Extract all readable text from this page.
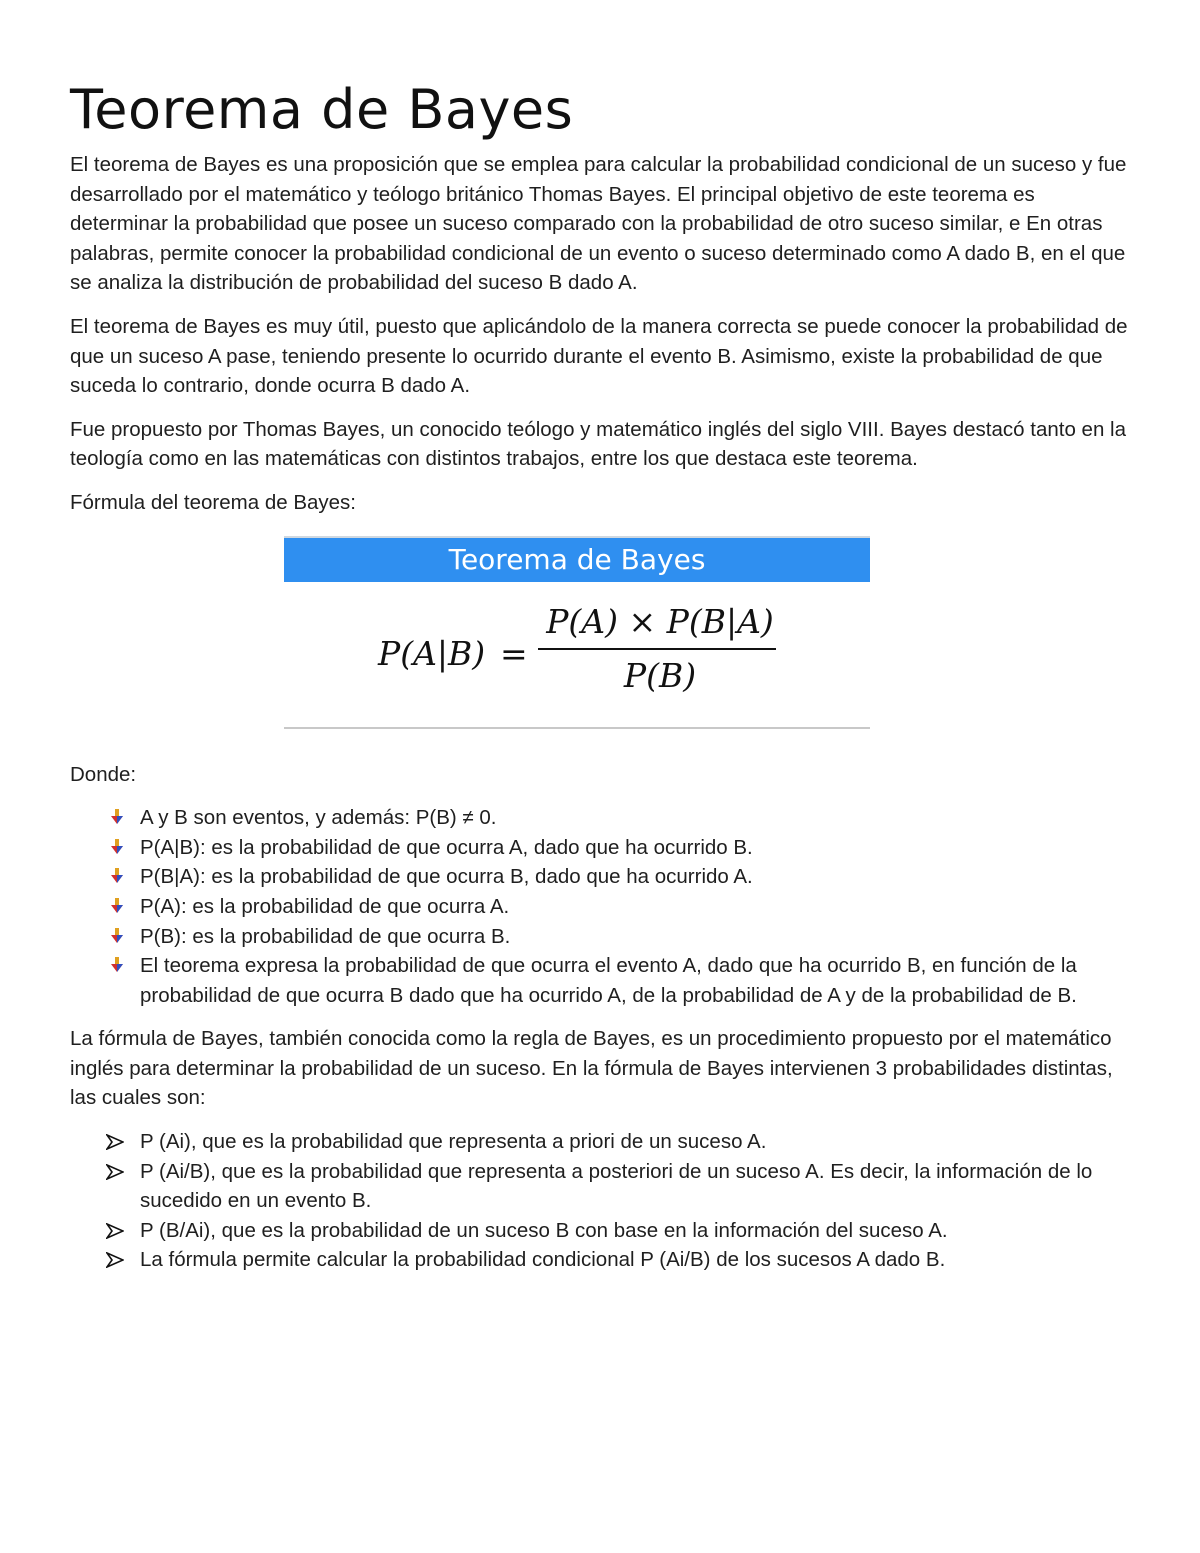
Teorema de Bayes

El teorema de Bayes es una proposición que se emplea para calcular la probabilidad condicional de un suceso y fue desarrollado por el matemático y teólogo británico Thomas Bayes. El principal objetivo de este teorema es determinar la probabilidad que posee un suceso comparado con la probabilidad de otro suceso similar, e En otras palabras, permite conocer la probabilidad condicional de un evento o suceso determinado como A dado B, en el que se analiza la distribución de probabilidad del suceso B dado A.

El teorema de Bayes es muy útil, puesto que aplicándolo de la manera correcta se puede conocer la probabilidad de que un suceso A pase, teniendo presente lo ocurrido durante el evento B. Asimismo, existe la probabilidad de que suceda lo contrario, donde ocurra B dado A.

Fue propuesto por Thomas Bayes, un conocido teólogo y matemático inglés del siglo VIII. Bayes destacó tanto en la teología como en las matemáticas con distintos trabajos, entre los que destaca este teorema.

Fórmula del teorema de Bayes:

Teorema de Bayes
P(A|B) =
P(A) × P(B|A)
P(B)

Donde:

A y B son eventos, y además: P(B) ≠ 0.
P(A|B): es la probabilidad de que ocurra A, dado que ha ocurrido B.
P(B|A): es la probabilidad de que ocurra B, dado que ha ocurrido A.
P(A): es la probabilidad de que ocurra A.
P(B): es la probabilidad de que ocurra B.
El teorema expresa la probabilidad de que ocurra el evento A, dado que ha ocurrido B, en función de la probabilidad de que ocurra B dado que ha ocurrido A, de la probabilidad de A y de la probabilidad de B.

La fórmula de Bayes, también conocida como la regla de Bayes, es un procedimiento propuesto por el matemático inglés para determinar la probabilidad de un suceso. En la fórmula de Bayes intervienen 3 probabilidades distintas, las cuales son:

P (Ai), que es la probabilidad que representa a priori de un suceso A.
P (Ai/B), que es la probabilidad que representa a posteriori de un suceso A. Es decir, la información de lo sucedido en un evento B.
P (B/Ai), que es la probabilidad de un suceso B con base en la información del suceso A.
La fórmula permite calcular la probabilidad condicional P (Ai/B) de los sucesos A dado B.
